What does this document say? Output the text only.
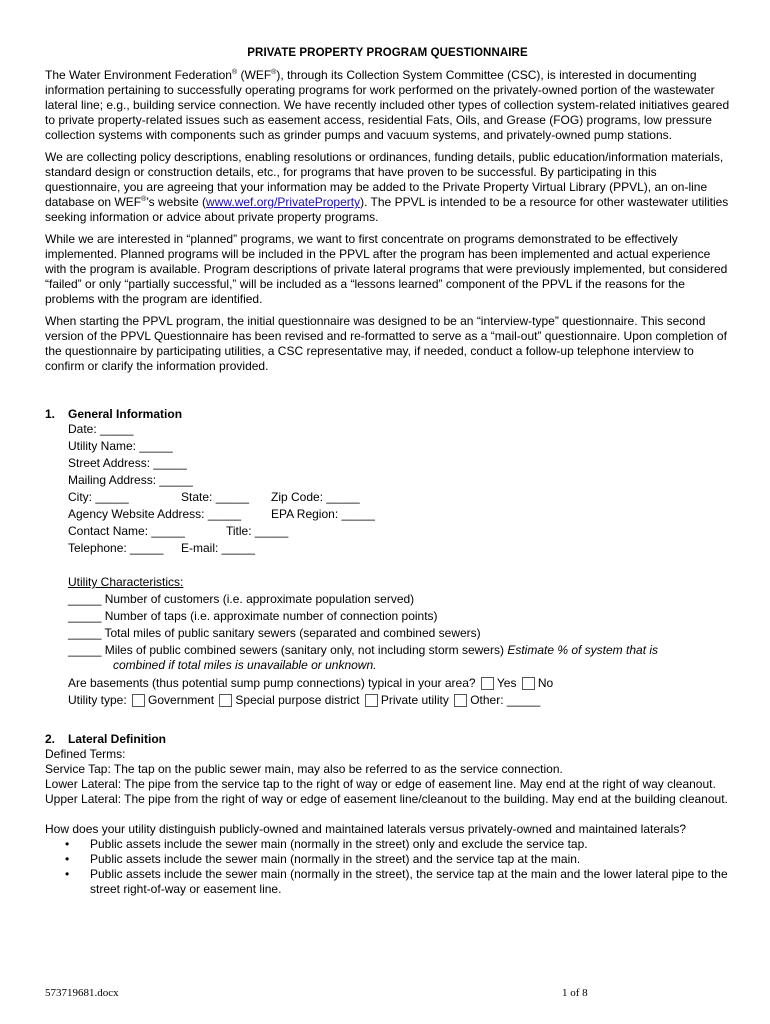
PRIVATE PROPERTY PROGRAM QUESTIONNAIRE

The Water Environment Federation® (WEF®), through its Collection System Committee (CSC), is interested in documenting information pertaining to successfully operating programs for work performed on the privately-owned portion of the wastewater lateral line; e.g., building service connection. We have recently included other types of collection system-related initiatives geared to private property-related issues such as easement access, residential Fats, Oils, and Grease (FOG) programs, low pressure collection systems with components such as grinder pumps and vacuum systems, and privately-owned pump stations.

We are collecting policy descriptions, enabling resolutions or ordinances, funding details, public education/information materials, standard design or construction details, etc., for programs that have proven to be successful. By participating in this questionnaire, you are agreeing that your information may be added to the Private Property Virtual Library (PPVL), an on-line database on WEF®’s website (www.wef.org/PrivateProperty). The PPVL is intended to be a resource for other wastewater utilities seeking information or advice about private property programs.

While we are interested in “planned” programs, we want to first concentrate on programs demonstrated to be effectively implemented. Planned programs will be included in the PPVL after the program has been implemented and actual experience with the program is available. Program descriptions of private lateral programs that were previously implemented, but considered “failed” or only “partially successful,” will be included as a “lessons learned” component of the PPVL if the reasons for the problems with the program are identified.

When starting the PPVL program, the initial questionnaire was designed to be an “interview-type” questionnaire. This second version of the PPVL Questionnaire has been revised and re-formatted to serve as a “mail-out” questionnaire. Upon completion of the questionnaire by participating utilities, a CSC representative may, if needed, conduct a follow-up telephone interview to confirm or clarify the information provided.

1. General Information
Date: _____
Utility Name: _____
Street Address: _____
Mailing Address: _____
City: _____	State: _____ Zip Code: _____
Agency Website Address: _____ EPA Region: _____
Contact Name: _____	Title: _____
Telephone: _____ E-mail: _____
Utility Characteristics:
_____ Number of customers (i.e. approximate population served)
_____ Number of taps (i.e. approximate number of connection points)
_____ Total miles of public sanitary sewers (separated and combined sewers)
_____ Miles of public combined sewers (sanitary only, not including storm sewers) Estimate % of system that is
combined if total miles is unavailable or unknown.
Are basements (thus potential sump pump connections) typical in your area? Yes No
Utility type: Government Special purpose district Private utility Other: _____
2. Lateral Definition
Defined Terms:
Service Tap: The tap on the public sewer main, may also be referred to as the service connection.
Lower Lateral: The pipe from the service tap to the right of way or edge of easement line. May end at the right of way cleanout.
Upper Lateral: The pipe from the right of way or edge of easement line/cleanout to the building. May end at the building cleanout.
How does your utility distinguish publicly-owned and maintained laterals versus privately-owned and maintained laterals?
• Public assets include the sewer main (normally in the street) only and exclude the service tap.
• Public assets include the sewer main (normally in the street) and the service tap at the main.
• Public assets include the sewer main (normally in the street), the service tap at the main and the lower lateral pipe to the street right-of-way or easement line.
573719681.docx	1 of 8
